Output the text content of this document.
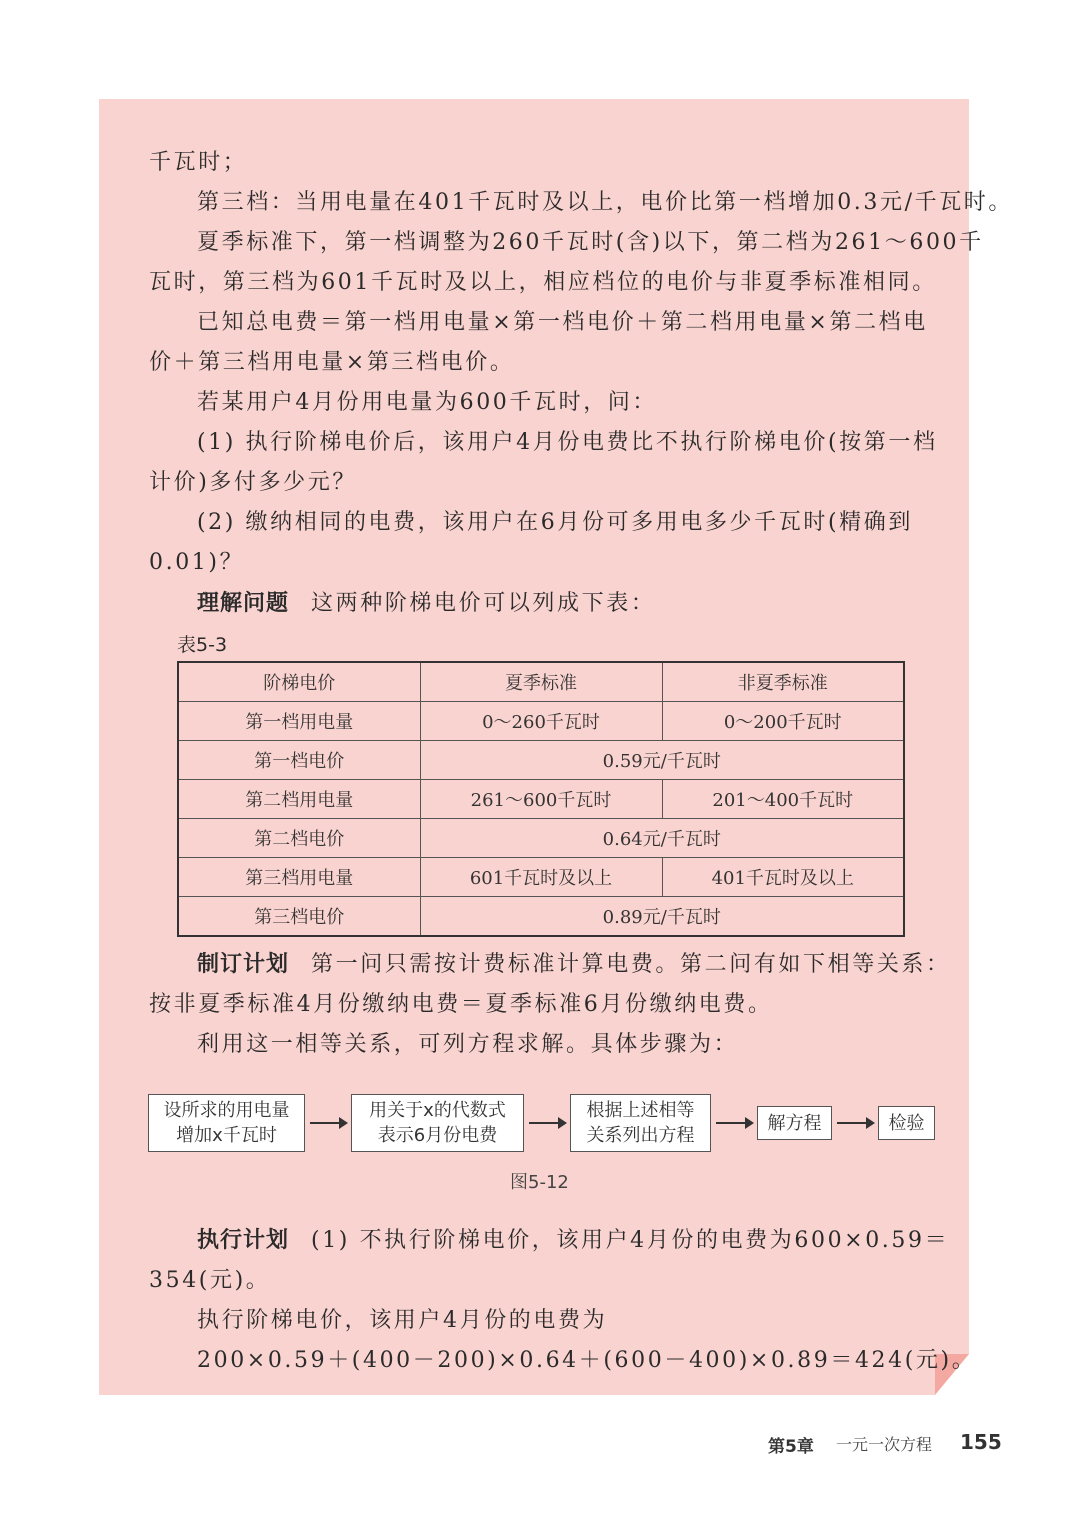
千瓦时；
第三档：当用电量在401千瓦时及以上，电价比第一档增加0.3元/千瓦时。
夏季标准下，第一档调整为260千瓦时(含)以下，第二档为261～600千
瓦时，第三档为601千瓦时及以上，相应档位的电价与非夏季标准相同。
已知总电费＝第一档用电量×第一档电价＋第二档用电量×第二档电
价＋第三档用电量×第三档电价。
若某用户4月份用电量为600千瓦时，问：
(1) 执行阶梯电价后，该用户4月份电费比不执行阶梯电价(按第一档
计价)多付多少元？
(2) 缴纳相同的电费，该用户在6月份可多用电多少千瓦时(精确到
0.01)？
理解问题 这两种阶梯电价可以列成下表：
表5-3
阶梯电价	夏季标准	非夏季标准
第一档用电量	0～260千瓦时	0～200千瓦时
第一档电价	0.59元/千瓦时	
第二档用电量	261～600千瓦时	201～400千瓦时
第二档电价	0.64元/千瓦时	
第三档用电量	601千瓦时及以上	401千瓦时及以上
第三档电价	0.89元/千瓦时	
制订计划 第一问只需按计费标准计算电费。第二问有如下相等关系：
按非夏季标准4月份缴纳电费＝夏季标准6月份缴纳电费。
利用这一相等关系，可列方程求解。具体步骤为：
设所求的用电量
增加x千瓦时
用关于x的代数式
表示6月份电费
根据上述相等
关系列出方程
解方程	检验
图5-12
执行计划 (1) 不执行阶梯电价，该用户4月份的电费为600×0.59＝
354(元)。
执行阶梯电价，该用户4月份的电费为
200×0.59＋(400－200)×0.64＋(600－400)×0.89＝424(元)。
第5章 一元一次方程 155
